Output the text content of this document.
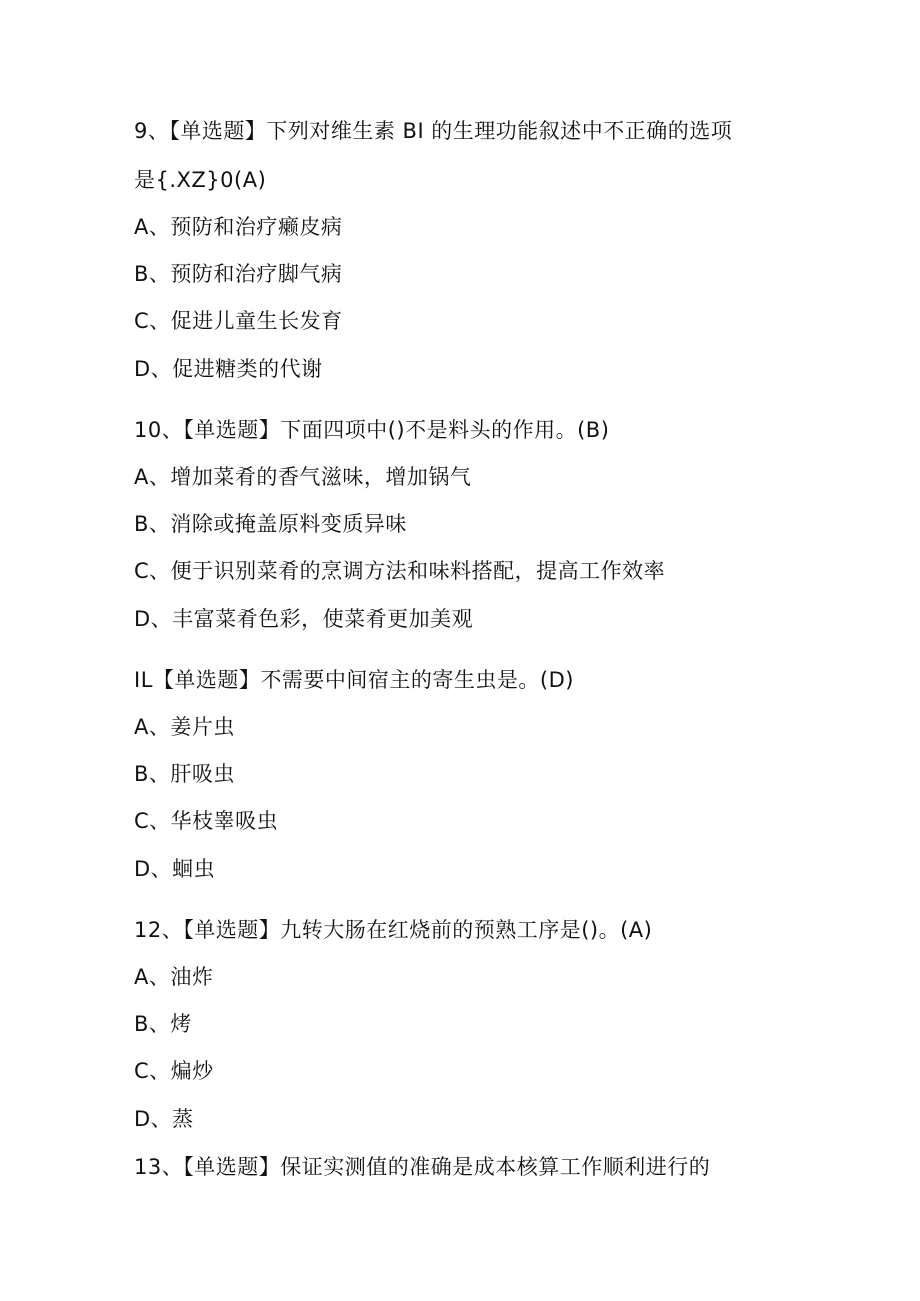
9、【单选题】下列对维生素 BI 的生理功能叙述中不正确的选项
是{.XZ}0(A)
A、预防和治疗癞皮病
B、预防和治疗脚气病
C、促进儿童生长发育
D、促进糖类的代谢
10、【单选题】下面四项中()不是料头的作用。(B)
A、增加菜肴的香气滋味，增加锅气
B、消除或掩盖原料变质异味
C、便于识别菜肴的烹调方法和味料搭配，提高工作效率
D、丰富菜肴色彩，使菜肴更加美观
IL【单选题】不需要中间宿主的寄生虫是。(D)
A、姜片虫
B、肝吸虫
C、华枝睾吸虫
D、蛔虫
12、【单选题】九转大肠在红烧前的预熟工序是()。(A)
A、油炸
B、烤
C、煸炒
D、蒸
13、【单选题】保证实测值的准确是成本核算工作顺利进行的
